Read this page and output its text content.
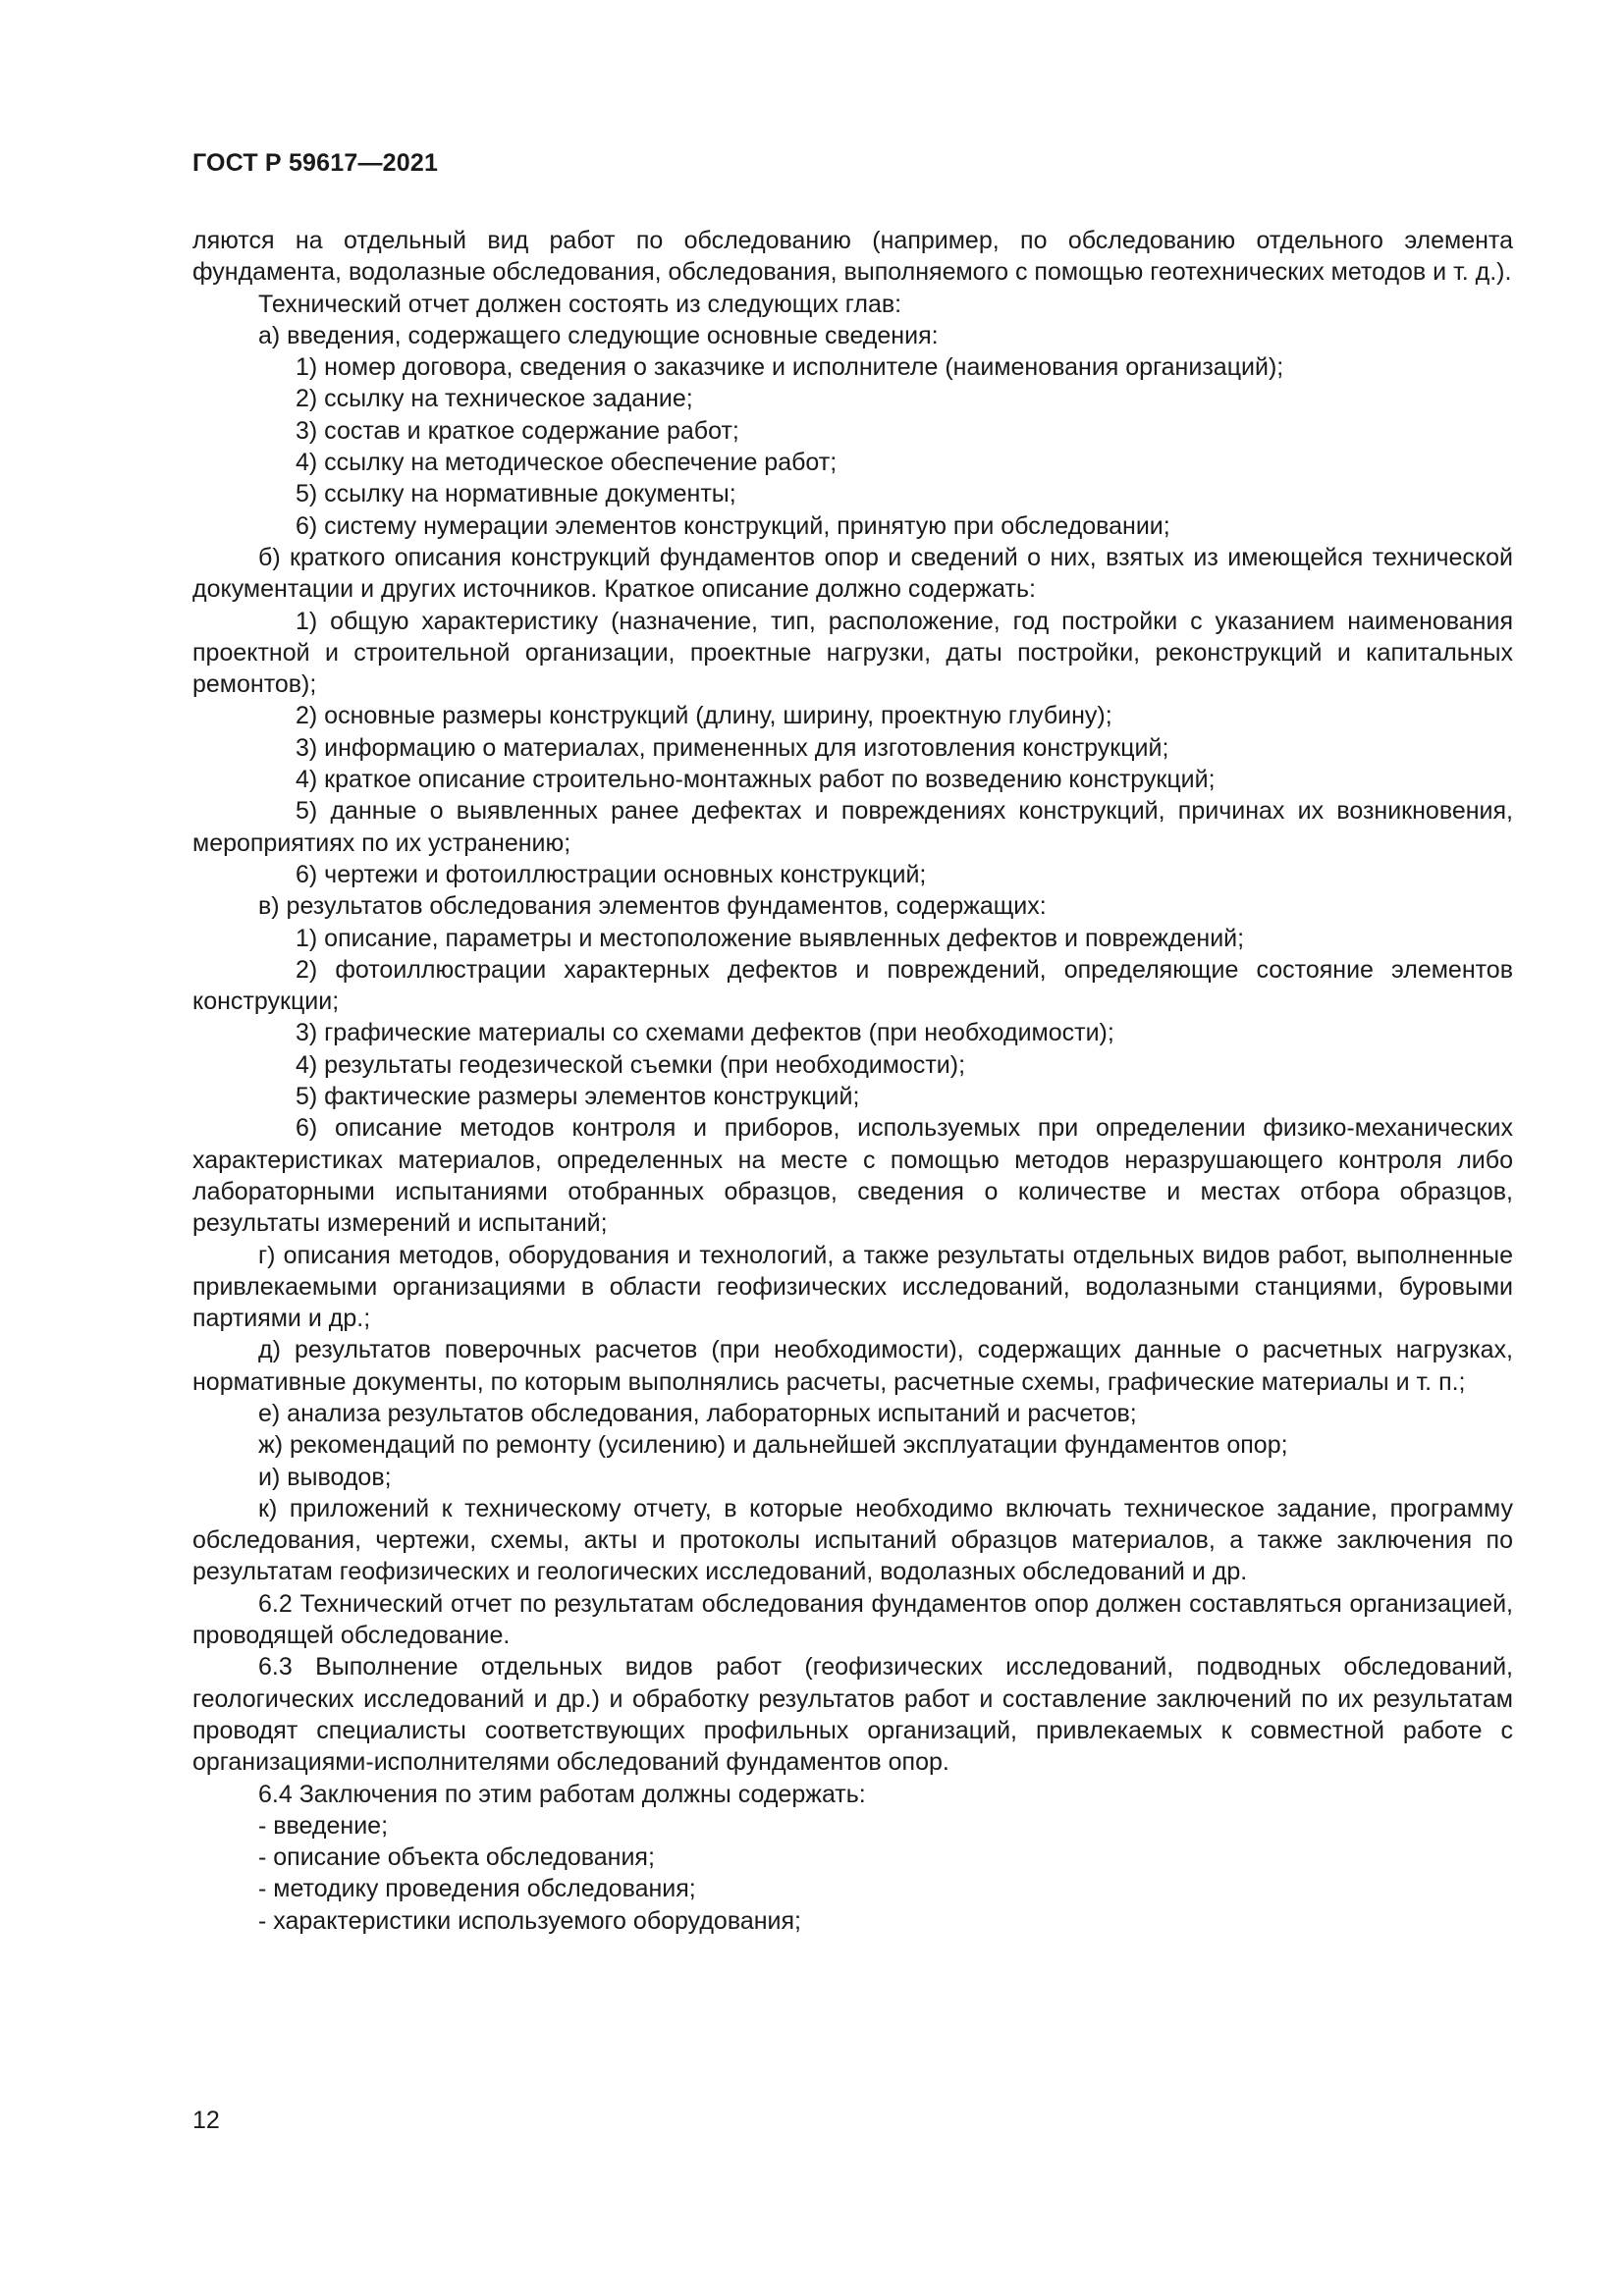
ГОСТ Р 59617—2021

ляются на отдельный вид работ по обследованию (например, по обследованию отдельного элемента фундамента, водолазные обследования, обследования, выполняемого с помощью геотехнических методов и т. д.).

Технический отчет должен состоять из следующих глав:

а) введения, содержащего следующие основные сведения:

1) номер договора, сведения о заказчике и исполнителе (наименования организаций);

2) ссылку на техническое задание;

3) состав и краткое содержание работ;

4) ссылку на методическое обеспечение работ;

5) ссылку на нормативные документы;

6) систему нумерации элементов конструкций, принятую при обследовании;

б) краткого описания конструкций фундаментов опор и сведений о них, взятых из имеющейся технической документации и других источников. Краткое описание должно содержать:

1) общую характеристику (назначение, тип, расположение, год постройки с указанием наименования проектной и строительной организации, проектные нагрузки, даты постройки, реконструкций и капитальных ремонтов);

2) основные размеры конструкций (длину, ширину, проектную глубину);

3) информацию о материалах, примененных для изготовления конструкций;

4) краткое описание строительно-монтажных работ по возведению конструкций;

5) данные о выявленных ранее дефектах и повреждениях конструкций, причинах их возникновения, мероприятиях по их устранению;

6) чертежи и фотоиллюстрации основных конструкций;

в) результатов обследования элементов фундаментов, содержащих:

1) описание, параметры и местоположение выявленных дефектов и повреждений;

2) фотоиллюстрации характерных дефектов и повреждений, определяющие состояние элементов конструкции;

3) графические материалы со схемами дефектов (при необходимости);

4) результаты геодезической съемки (при необходимости);

5) фактические размеры элементов конструкций;

6) описание методов контроля и приборов, используемых при определении физико-механических характеристиках материалов, определенных на месте с помощью методов неразрушающего контроля либо лабораторными испытаниями отобранных образцов, сведения о количестве и местах отбора образцов, результаты измерений и испытаний;

г) описания методов, оборудования и технологий, а также результаты отдельных видов работ, выполненные привлекаемыми организациями в области геофизических исследований, водолазными станциями, буровыми партиями и др.;

д) результатов поверочных расчетов (при необходимости), содержащих данные о расчетных нагрузках, нормативные документы, по которым выполнялись расчеты, расчетные схемы, графические материалы и т. п.;

е) анализа результатов обследования, лабораторных испытаний и расчетов;

ж) рекомендаций по ремонту (усилению) и дальнейшей эксплуатации фундаментов опор;

и) выводов;

к) приложений к техническому отчету, в которые необходимо включать техническое задание, программу обследования, чертежи, схемы, акты и протоколы испытаний образцов материалов, а также заключения по результатам геофизических и геологических исследований, водолазных обследований и др.

6.2 Технический отчет по результатам обследования фундаментов опор должен составляться организацией, проводящей обследование.

6.3 Выполнение отдельных видов работ (геофизических исследований, подводных обследований, геологических исследований и др.) и обработку результатов работ и составление заключений по их результатам проводят специалисты соответствующих профильных организаций, привлекаемых к совместной работе с организациями-исполнителями обследований фундаментов опор.

6.4 Заключения по этим работам должны содержать:

- введение;

- описание объекта обследования;

- методику проведения обследования;

- характеристики используемого оборудования;

12
